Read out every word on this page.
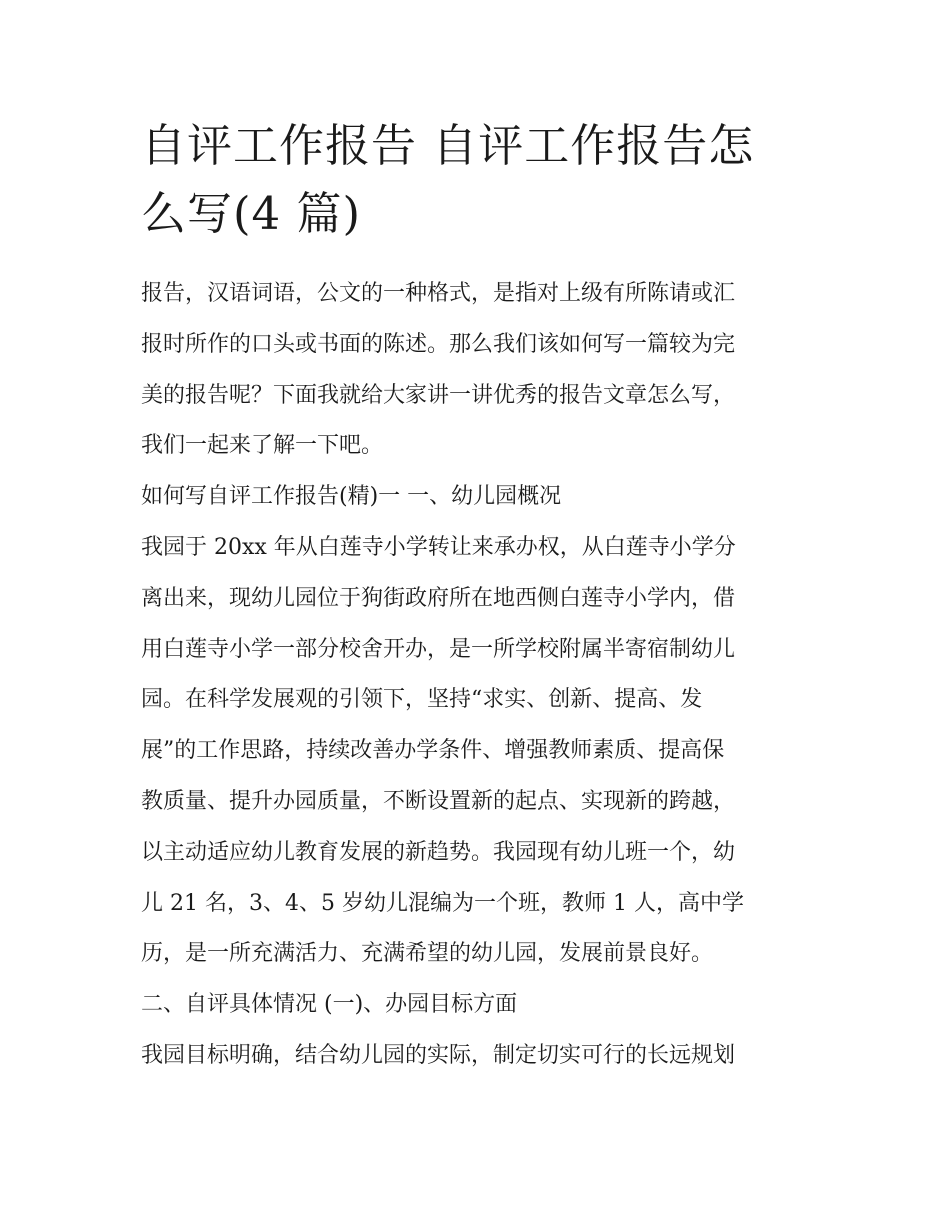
自评工作报告 自评工作报告怎
么写(4 篇)
报告，汉语词语，公文的一种格式，是指对上级有所陈请或汇
报时所作的口头或书面的陈述。那么我们该如何写一篇较为完
美的报告呢？下面我就给大家讲一讲优秀的报告文章怎么写，
我们一起来了解一下吧。
如何写自评工作报告(精)一 一、幼儿园概况
我园于 20xx 年从白莲寺小学转让来承办权，从白莲寺小学分
离出来，现幼儿园位于狗街政府所在地西侧白莲寺小学内，借
用白莲寺小学一部分校舍开办，是一所学校附属半寄宿制幼儿
园。在科学发展观的引领下，坚持“求实、创新、提高、发
展”的工作思路，持续改善办学条件、增强教师素质、提高保
教质量、提升办园质量，不断设置新的起点、实现新的跨越，
以主动适应幼儿教育发展的新趋势。我园现有幼儿班一个，幼
儿 21 名，3、4、5 岁幼儿混编为一个班，教师 1 人，高中学
历，是一所充满活力、充满希望的幼儿园，发展前景良好。
二、自评具体情况 (一)、办园目标方面
我园目标明确，结合幼儿园的实际，制定切实可行的长远规划
